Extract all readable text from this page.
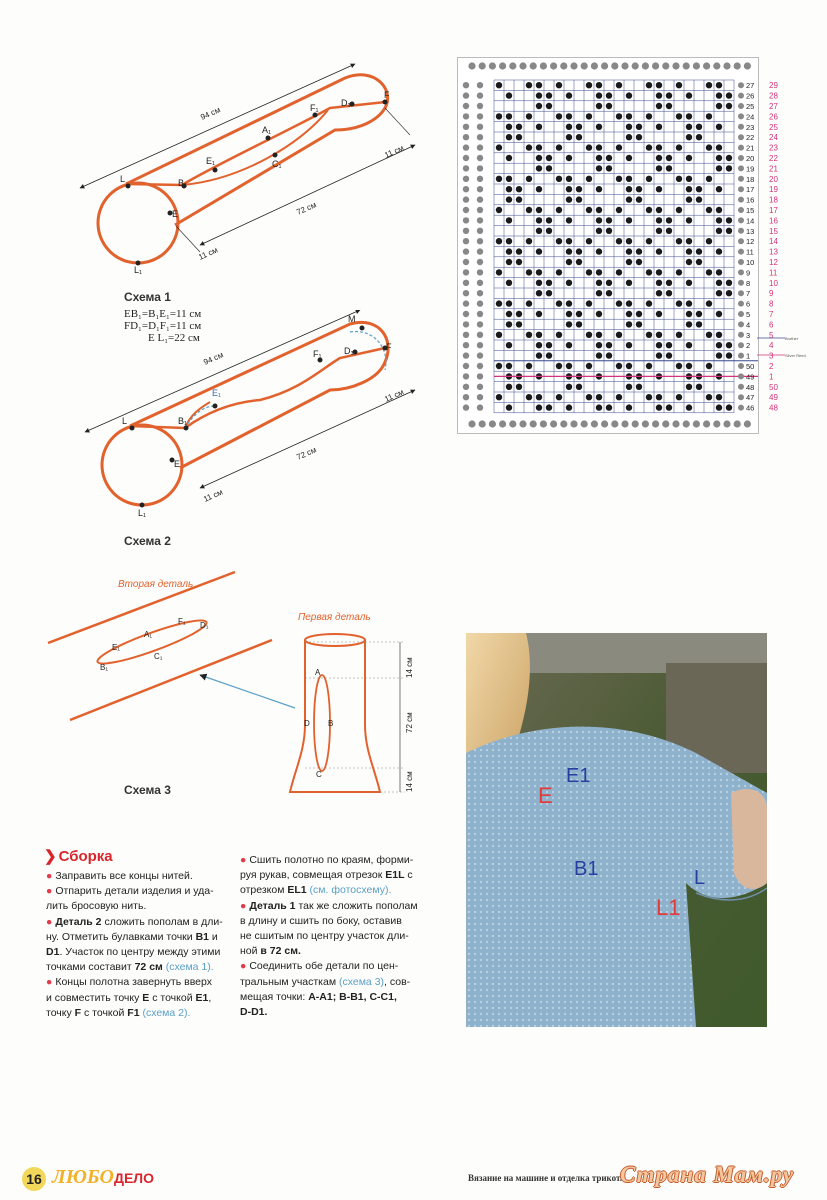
L	B₁
E
E₁
A₁
C₁
F₁ D₁
F
L₁
94 см
72 см
11 см
11 см
Схема 1
EB₁=B₁E₁=11 см
FD₁=D₁F₁=11 см
E L₁=22 см
L	B₁
E
E₁
F₁ D₁	F
M
L₁
94 см
72 см
11 см
11 см
Схема 2
Вторая деталь
E₁
A₁
F₁ D₁
B₁
C₁
Первая деталь
A
D B
C
14 см
72 см
14 см
Схема 3
27
26
25
24
23
22
21
20
19
18
17
16
15
14
13
12
11
10
9
8
7
6
5
4
3
2
1
50
49
48
47
46
Brother
Silver Reed
E1
E
B1	L
L1
❯ Сборка

● Заправить все концы нитей.

● Отпарить детали изделия и уда-

лить бросовую нить.

● Деталь 2 сложить пополам в дли-

ну. Отметить булавками точки B1 и

D1. Участок по центру между этими

точками составит 72 см (схема 1).

● Концы полотна завернуть вверх

и совместить точку E с точкой E1,

точку F с точкой F1 (схема 2).

● Сшить полотно по краям, форми-

руя рукав, совмещая отрезок E1L с

отрезком EL1 (см. фотосхему).

● Деталь 1 так же сложить пополам

в длину и сшить по боку, оставив

не сшитым по центру участок дли-

ной в 72 см.

● Соединить обе детали по цен-

тральным участкам (схема 3), сов-

мещая точки: A-A1; B-B1, C-C1,

D-D1.

16 ЛЮБОДЕЛО	Вязание на машине и отделка трикот...
Страна Мам.ру
29
28
27
26
25
24
23
22
21
20
19
18
17
16
15
14
13
12
11
10
9
8
7
6
5
4
3
2
1
50
49
48
